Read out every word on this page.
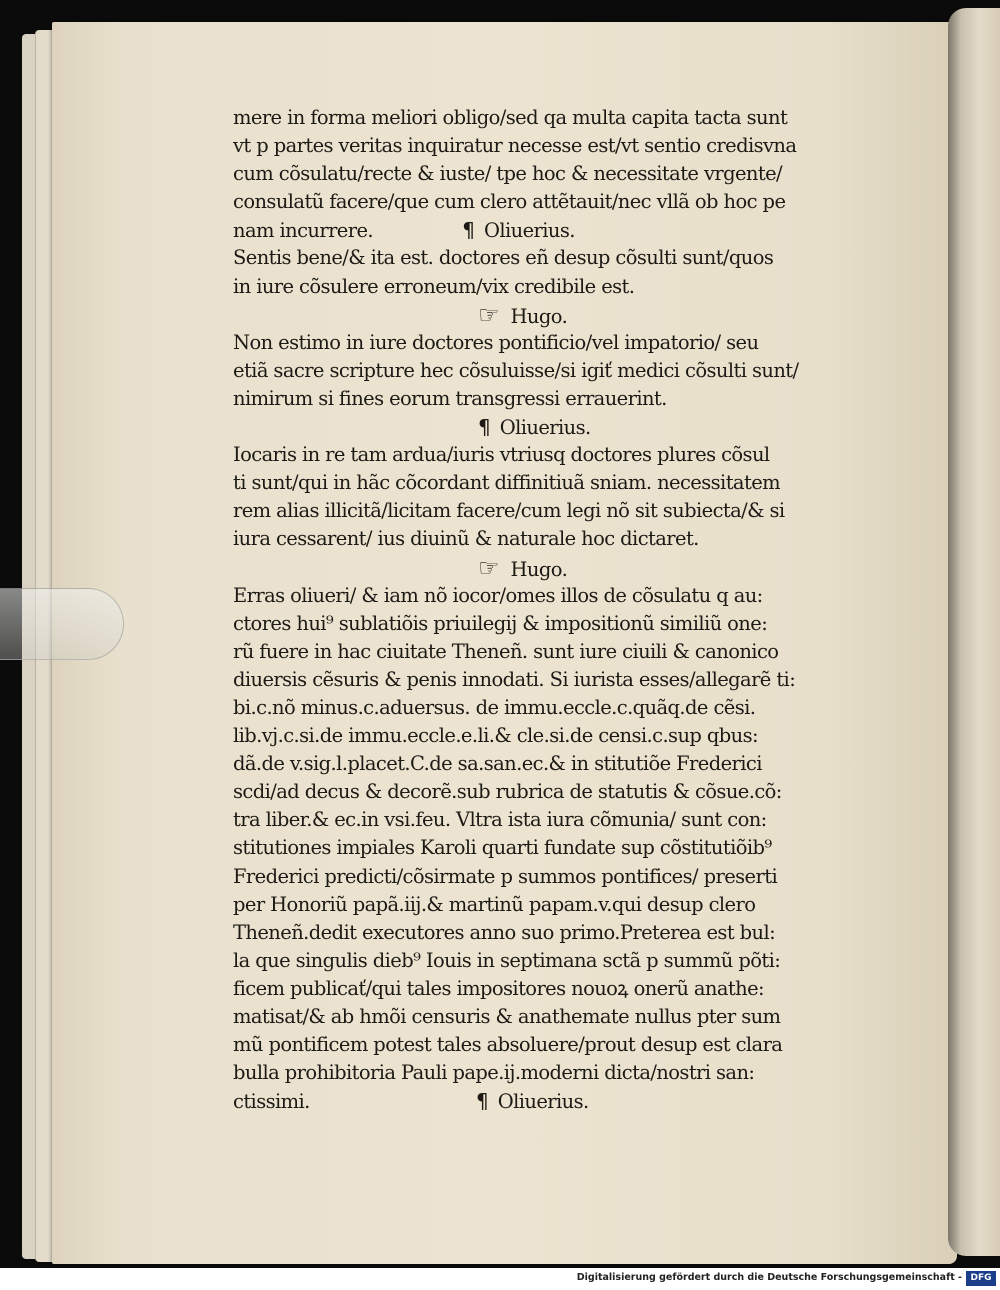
mere in forma meliori obligo/sed qa multa capita tacta sunt
vt p partes veritas inquiratur necesse est/vt sentio credisvna
cum cõsulatu/recte & iuste/ tpe hoc & necessitate vrgente/
consulatũ facere/que cum clero attẽtauit/nec vllã ob hoc pe
nam incurrere.	¶ Oliuerius.
Sentis bene/& ita est. doctores eñ desup cõsulti sunt/quos
in iure cõsulere erroneum/vix credibile est.
☞ Hugo.
Non estimo in iure doctores pontificio/vel impatorio/ seu
etiã sacre scripture hec cõsuluisse/si igiť medici cõsulti sunt/
nimirum si fines eorum transgressi errauerint.
¶ Oliuerius.
Iocaris in re tam ardua/iuris vtriusq doctores plures cõsul
ti sunt/qui in hãc cõcordant diffinitiuã sniam. necessitatem
rem alias illicitã/licitam facere/cum legi nõ sit subiecta/& si
iura cessarent/ ius diuinũ & naturale hoc dictaret.
☞ Hugo.
Erras oliueri/ & iam nõ iocor/omes illos de cõsulatu q au:
ctores hui⁹ sublatiõis priuilegij & impositionũ similiũ one:
rũ fuere in hac ciuitate Theneñ. sunt iure ciuili & canonico
diuersis cẽsuris & penis innodati. Si iurista esses/allegarẽ ti:
bi.c.nõ minus.c.aduersus. de immu.eccle.c.quãq.de cẽsi.
lib.vj.c.si.de immu.eccle.e.li.& cle.si.de censi.c.sup qbus:
dã.de v.sig.l.placet.C.de sa.san.ec.& in stitutiõe Frederici
scdi/ad decus & decorẽ.sub rubrica de statutis & cõsue.cõ:
tra liber.& ec.in vsi.feu. Vltra ista iura cõmunia/ sunt con:
stitutiones impiales Karoli quarti fundate sup cõstitutiõib⁹
Frederici predicti/cõsirmate p summos pontifices/ preserti
per Honoriũ papã.iij.& martinũ papam.v.qui desup clero
Theneñ.dedit executores anno suo primo.Preterea est bul:
la que singulis dieb⁹ Iouis in septimana sctã p summũ põti:
ficem publicať/qui tales impositores nouoꝝ onerũ anathe:
matisat/& ab hmõi censuris & anathemate nullus pter sum
mũ pontificem potest tales absoluere/prout desup est clara
bulla prohibitoria Pauli pape.ij.moderni dicta/nostri san:
ctissimi.	¶ Oliuerius.
Digitalisierung gefördert durch die Deutsche Forschungsgemeinschaft - DFG
